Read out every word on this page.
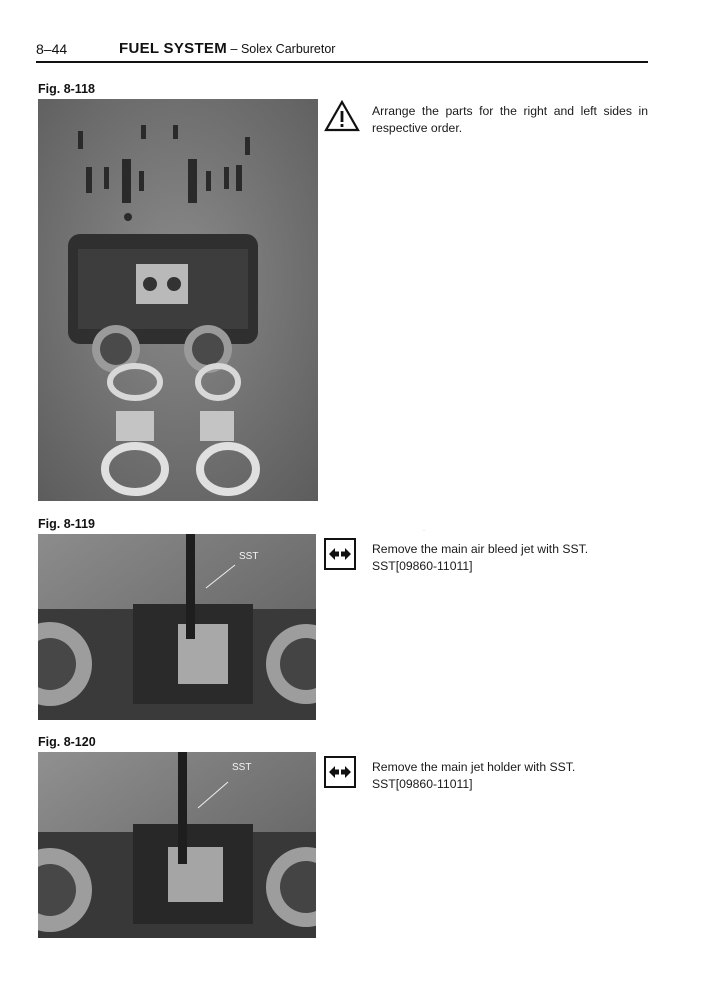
8–44	FUEL SYSTEM – Solex Carburetor
Fig. 8-118
Arrange the parts for the right and left sides in respective order.
Fig. 8-119
SST
Remove the main air bleed jet with SST.
SST[09860-11011]
·
Fig. 8-120
SST	Remove the main jet holder with SST.
SST[09860-11011]
